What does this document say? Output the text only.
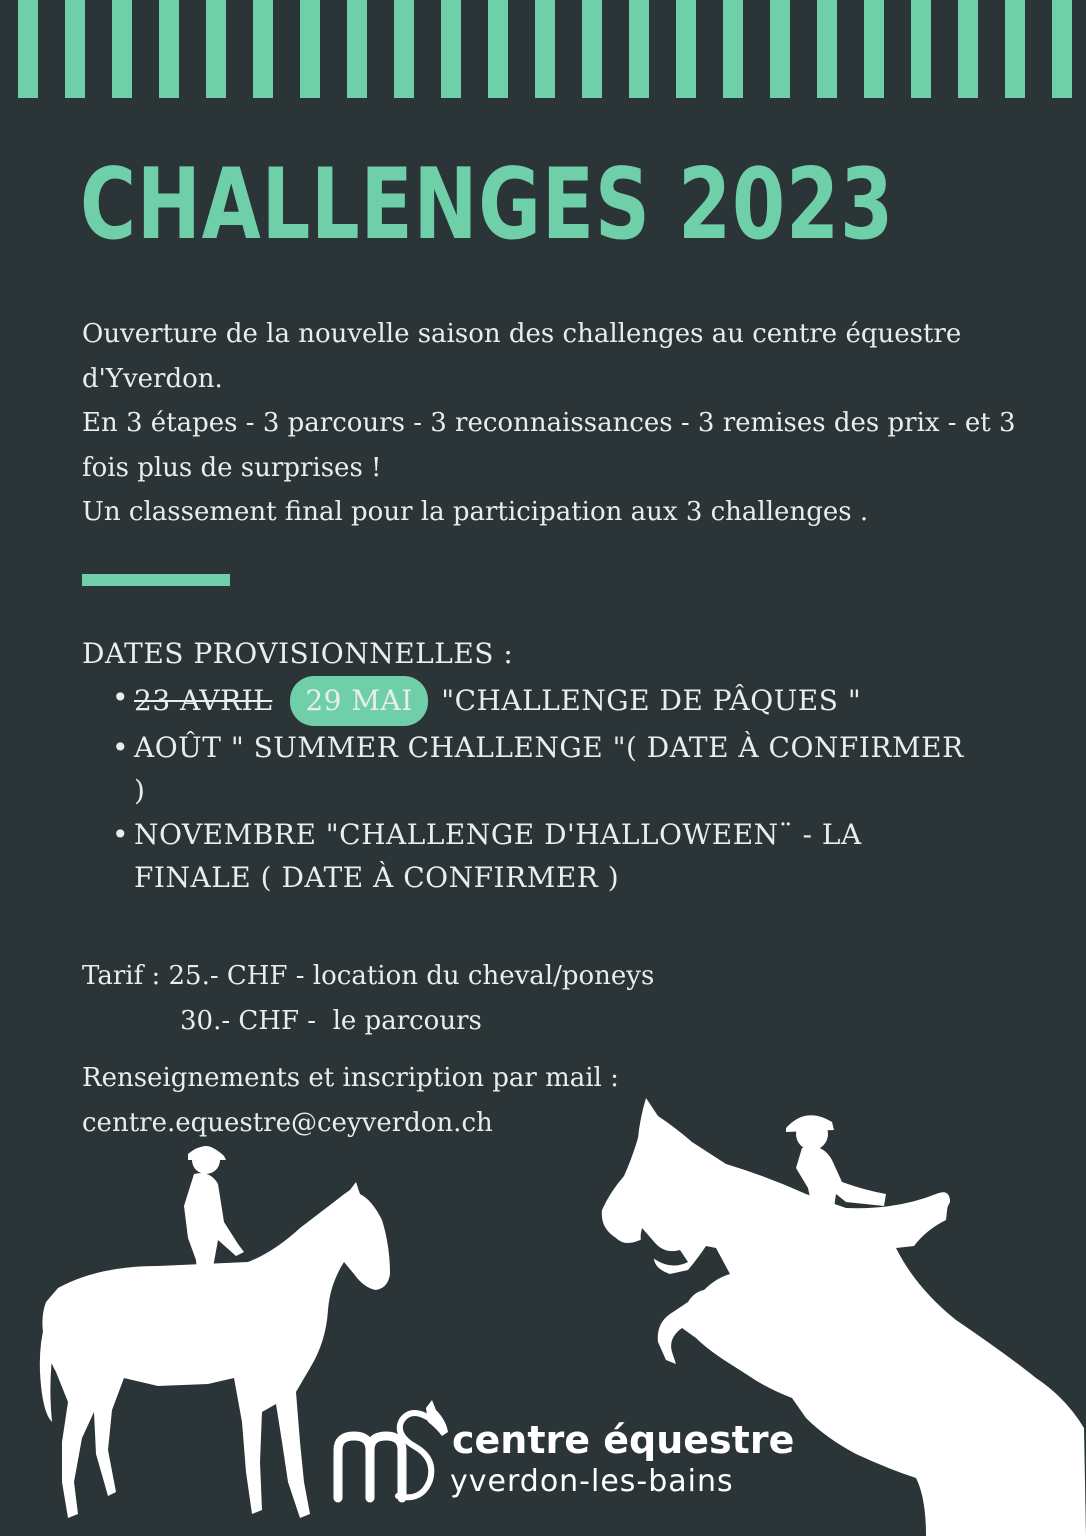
CHALLENGES 2023

Ouverture de la nouvelle saison des challenges au centre équestre d'Yverdon.

En 3 étapes - 3 parcours - 3 reconnaissances - 3 remises des prix - et 3 fois plus de surprises !

Un classement final pour la participation aux 3 challenges .

DATES PROVISIONNELLES :

• 23 AVRIL 29 MAI "CHALLENGE DE PÂQUES "
• AOÛT " SUMMER CHALLENGE "( DATE À CONFIRMER )
• NOVEMBRE "CHALLENGE D'HALLOWEEN¨ - LA FINALE ( DATE À CONFIRMER )

Tarif : 25.- CHF - location du cheval/poneys

30.- CHF -  le parcours

Renseignements et inscription par mail :

centre.equestre@ceyverdon.ch

centre équestre
yverdon-les-bains
